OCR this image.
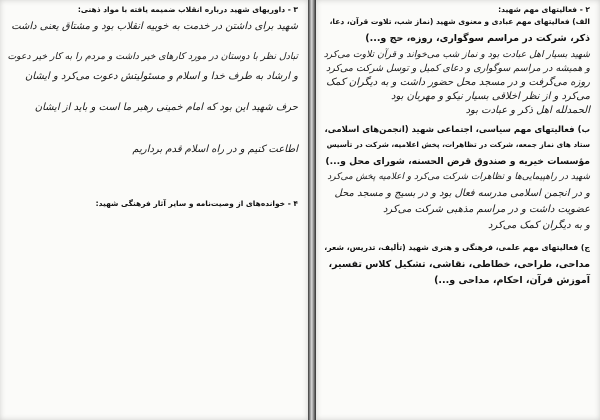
۳ - داوریهای شهید درباره انقلاب ضمیمه یافته با مواد ذهنی:
شهید برای داشتن در خدمت به خوبیه انقلاب بود و مشتاق یعنی داشت
تبادل نظر با دوستان در مورد کارهای خیر داشت و مردم را به کار خیر دعوت
و ارشاد به طرف خدا و اسلام و مسئولیتش دعوت می‌کرد و ایشان
حرف شهید این بود که امام خمینی رهبر ما است و باید از ایشان
اطاعت کنیم و در راه اسلام قدم برداریم
۴ - خوانده‌های از وصیت‌نامه و سایر آثار فرهنگی شهید:
۲ - فعالیتهای مهم شهید:
الف) فعالیتهای مهم عبادی و معنوی شهید (نماز شب، تلاوت قرآن، دعا،
ذکر، شرکت در مراسم سوگواری، روزه، حج و...)
شهید بسیار اهل عبادت بود و نماز شب می‌خواند و قرآن تلاوت می‌کرد
و همیشه در مراسم سوگواری و دعای کمیل و توسل شرکت می‌کرد
روزه می‌گرفت و در مسجد محل حضور داشت و به دیگران کمک
می‌کرد و از نظر اخلاقی بسیار نیکو و مهربان بود
الحمدلله اهل ذکر و عبادت بود
ب) فعالیتهای مهم سیاسی، اجتماعی شهید (انجمن‌های اسلامی،
ستاد های نماز جمعه، شرکت در تظاهرات، پخش اعلامیه، شرکت در تأسیس
مؤسسات خیریه و صندوق قرض الحسنه، شورای محل و...)
شهید در راهپیمایی‌ها و تظاهرات شرکت می‌کرد و اعلامیه پخش می‌کرد
و در انجمن اسلامی مدرسه فعال بود و در بسیج و مسجد محل
عضویت داشت و در مراسم مذهبی شرکت می‌کرد
و به دیگران کمک می‌کرد
ج) فعالیتهای مهم علمی، فرهنگی و هنری شهید (تألیف، تدریس، شعر،
مداحی، طراحی، خطاطی، نقاشی، تشکیل کلاس تفسیر،
آموزش قرآن، احکام، مداحی و...)
